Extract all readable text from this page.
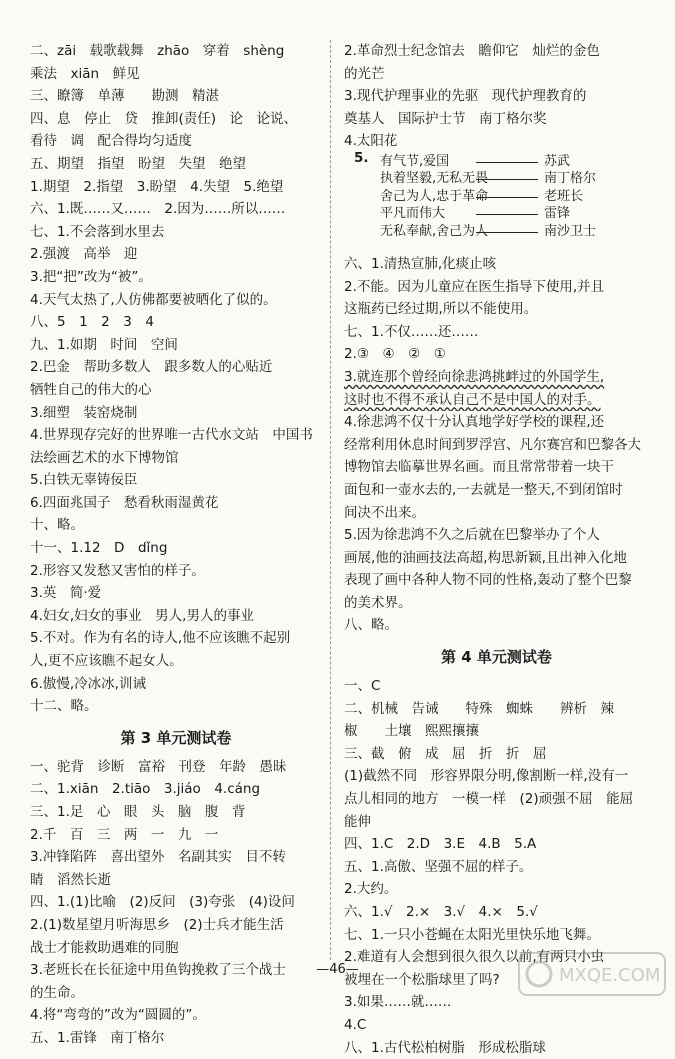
二、zāi　载歌载舞　zhāo　穿着　shèng
乘法　xiān　鲜见
三、瞭簿　单薄　　勘测　精湛
四、息　停止　贷　推卸(责任)　论　论说、
看待　调　配合得均匀适度
五、期望　指望　盼望　失望　绝望
1.期望　2.指望　3.盼望　4.失望　5.绝望
六、1.既……又……　2.因为……所以……
七、1.不会落到水里去
2.强渡　高举　迎
3.把“把”改为“被”。
4.天气太热了,人仿佛都要被晒化了似的。
八、5　1　2　3　4
九、1.如期　时间　空间
2.巴金　帮助多数人　跟多数人的心贴近
牺牲自己的伟大的心
3.细塑　装窑烧制
4.世界现存完好的世界唯一古代水文站　中国书
法绘画艺术的水下博物馆
5.白铁无辜铸佞臣
6.四面兆国子　愁看秋雨湿黄花
十、略。
十一、1.12　D　dǐng
2.形容又发愁又害怕的样子。
3.英　简·爱
4.妇女,妇女的事业　男人,男人的事业
5.不对。作为有名的诗人,他不应该瞧不起别
人,更不应该瞧不起女人。
6.傲慢,冷冰冰,训诫
十二、略。
第 3 单元测试卷
一、驼背　诊断　富裕　刊登　年龄　愚昧
二、1.xiān　2.tiāo　3.jiáo　4.cáng
三、1.足　心　眼　头　脑　腹　背
2.千　百　三　两　一　九　一
3.冲锋陷阵　喜出望外　名副其实　目不转
睛　滔然长逝
四、1.(1)比喻　(2)反问　(3)夸张　(4)设问
2.(1)数星望月听海思乡　(2)士兵才能生活
战士才能救助遇难的同胞
3.老班长在长征途中用鱼钩挽救了三个战士
的生命。
4.将“弯弯的”改为“圆圆的”。
五、1.雷锋　南丁格尔
2.革命烈士纪念馆去　瞻仰它　灿烂的金色
的光芒
3.现代护理事业的先驱　现代护理教育的
奠基人　国际护士节　南丁格尔奖
4.太阳花
5. 有气节,爱国	苏武
执着坚毅,无私无畏	南丁格尔
舍己为人,忠于革命	老班长
平凡而伟大	雷锋
无私奉献,舍己为人	南沙卫士
六、1.清热宣肺,化痰止咳
2.不能。因为儿童应在医生指导下使用,并且
这瓶药已经过期,所以不能使用。
七、1.不仅……还……
2.③　④　②　①
3.就连那个曾经向徐悲鸿挑衅过的外国学生,
这时也不得不承认自己不是中国人的对手。
4.徐悲鸿不仅十分认真地学好学校的课程,还
经常利用休息时间到罗浮宫、凡尔赛宫和巴黎各大
博物馆去临摹世界名画。而且常常带着一块干
面包和一壶水去的,一去就是一整天,不到闭馆时
间决不出来。
5.因为徐悲鸿不久之后就在巴黎举办了个人
画展,他的油画技法高超,构思新颖,且出神入化地
表现了画中各种人物不同的性格,轰动了整个巴黎
的美术界。
八、略。
第 4 单元测试卷
一、C
二、机械　告诫　　特殊　蜘蛛　　辨析　辣
椒　　土壤　熙熙攘攘
三、截　俯　成　屈　折　折　屈
(1)截然不同　形容界限分明,像割断一样,没有一
点儿相同的地方　一模一样　(2)顽强不屈　能屈
能伸
四、1.C　2.D　3.E　4.B　5.A
五、1.高傲、坚强不屈的样子。
2.大约。
六、1.√　2.×　3.√　4.×　5.√
七、1.一只小苍蝇在太阳光里快乐地飞舞。
2.难道有人会想到很久很久以前,有两只小虫
被埋在一个松脂球里了吗?
3.如果……就……
4.C
八、1.古代松柏树脂　形成松脂球
—46—	MXQE.COM
